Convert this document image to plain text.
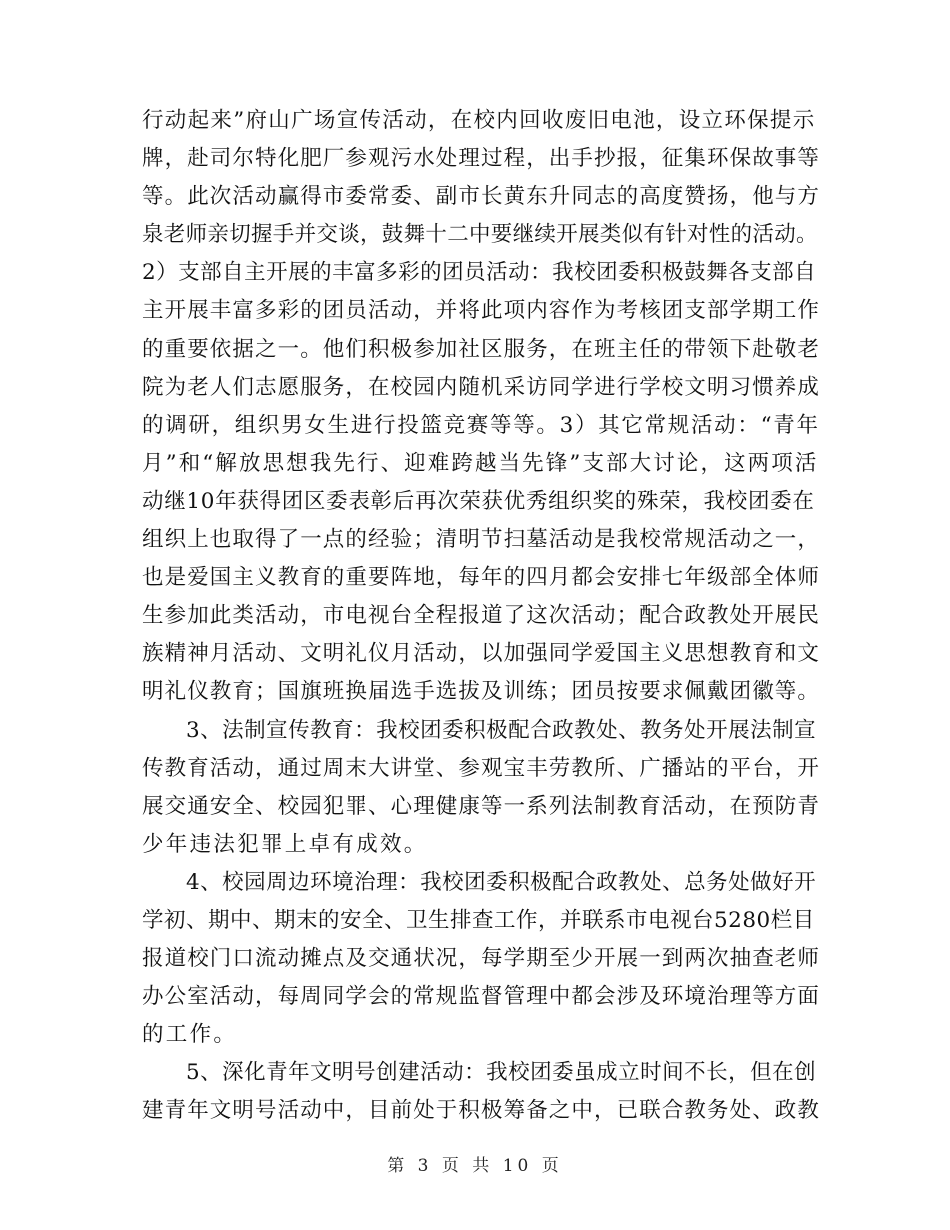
行动起来”府山广场宣传活动，在校内回收废旧电池，设立环保提示
牌，赴司尔特化肥厂参观污水处理过程，出手抄报，征集环保故事等
等。此次活动赢得市委常委、副市长黄东升同志的高度赞扬，他与方
泉老师亲切握手并交谈，鼓舞十二中要继续开展类似有针对性的活动。
2）支部自主开展的丰富多彩的团员活动：我校团委积极鼓舞各支部自
主开展丰富多彩的团员活动，并将此项内容作为考核团支部学期工作
的重要依据之一。他们积极参加社区服务，在班主任的带领下赴敬老
院为老人们志愿服务，在校园内随机采访同学进行学校文明习惯养成
的调研，组织男女生进行投篮竞赛等等。3）其它常规活动：“青年
月”和“解放思想我先行、迎难跨越当先锋”支部大讨论，这两项活
动继10年获得团区委表彰后再次荣获优秀组织奖的殊荣，我校团委在
组织上也取得了一点的经验；清明节扫墓活动是我校常规活动之一，
也是爱国主义教育的重要阵地，每年的四月都会安排七年级部全体师
生参加此类活动，市电视台全程报道了这次活动；配合政教处开展民
族精神月活动、文明礼仪月活动，以加强同学爱国主义思想教育和文
明礼仪教育；国旗班换届选手选拔及训练；团员按要求佩戴团徽等。
　　3、法制宣传教育：我校团委积极配合政教处、教务处开展法制宣
传教育活动，通过周末大讲堂、参观宝丰劳教所、广播站的平台，开
展交通安全、校园犯罪、心理健康等一系列法制教育活动，在预防青
少年违法犯罪上卓有成效。
　　4、校园周边环境治理：我校团委积极配合政教处、总务处做好开
学初、期中、期末的安全、卫生排查工作，并联系市电视台5280栏目
报道校门口流动摊点及交通状况，每学期至少开展一到两次抽查老师
办公室活动，每周同学会的常规监督管理中都会涉及环境治理等方面
的工作。
　　5、深化青年文明号创建活动：我校团委虽成立时间不长，但在创
建青年文明号活动中，目前处于积极筹备之中，已联合教务处、政教
第 3 页 共 10 页
